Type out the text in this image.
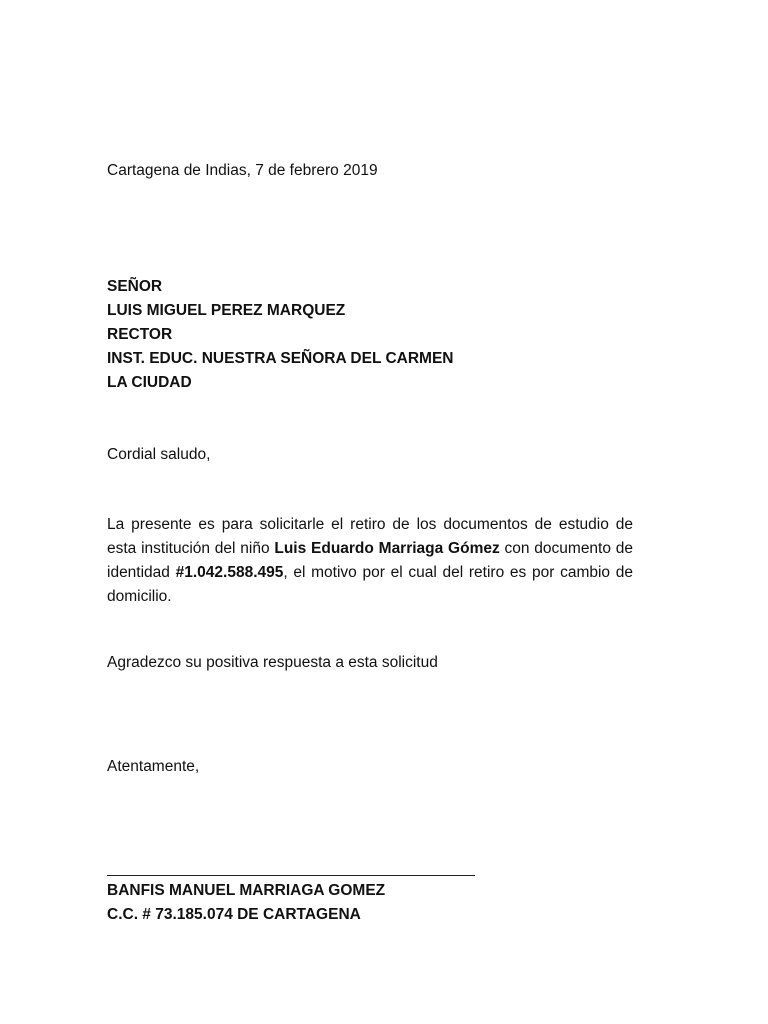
Cartagena de Indias, 7 de febrero 2019
SEÑOR
LUIS MIGUEL PEREZ MARQUEZ
RECTOR
INST. EDUC. NUESTRA SEÑORA DEL CARMEN
LA CIUDAD
Cordial saludo,
La presente es para solicitarle el retiro de los documentos de estudio de esta institución del niño Luis Eduardo Marriaga Gómez con documento de identidad #1.042.588.495, el motivo por el cual del retiro es por cambio de domicilio.
Agradezco su positiva respuesta a esta solicitud
Atentamente,
BANFIS MANUEL MARRIAGA GOMEZ
C.C. # 73.185.074 DE CARTAGENA
